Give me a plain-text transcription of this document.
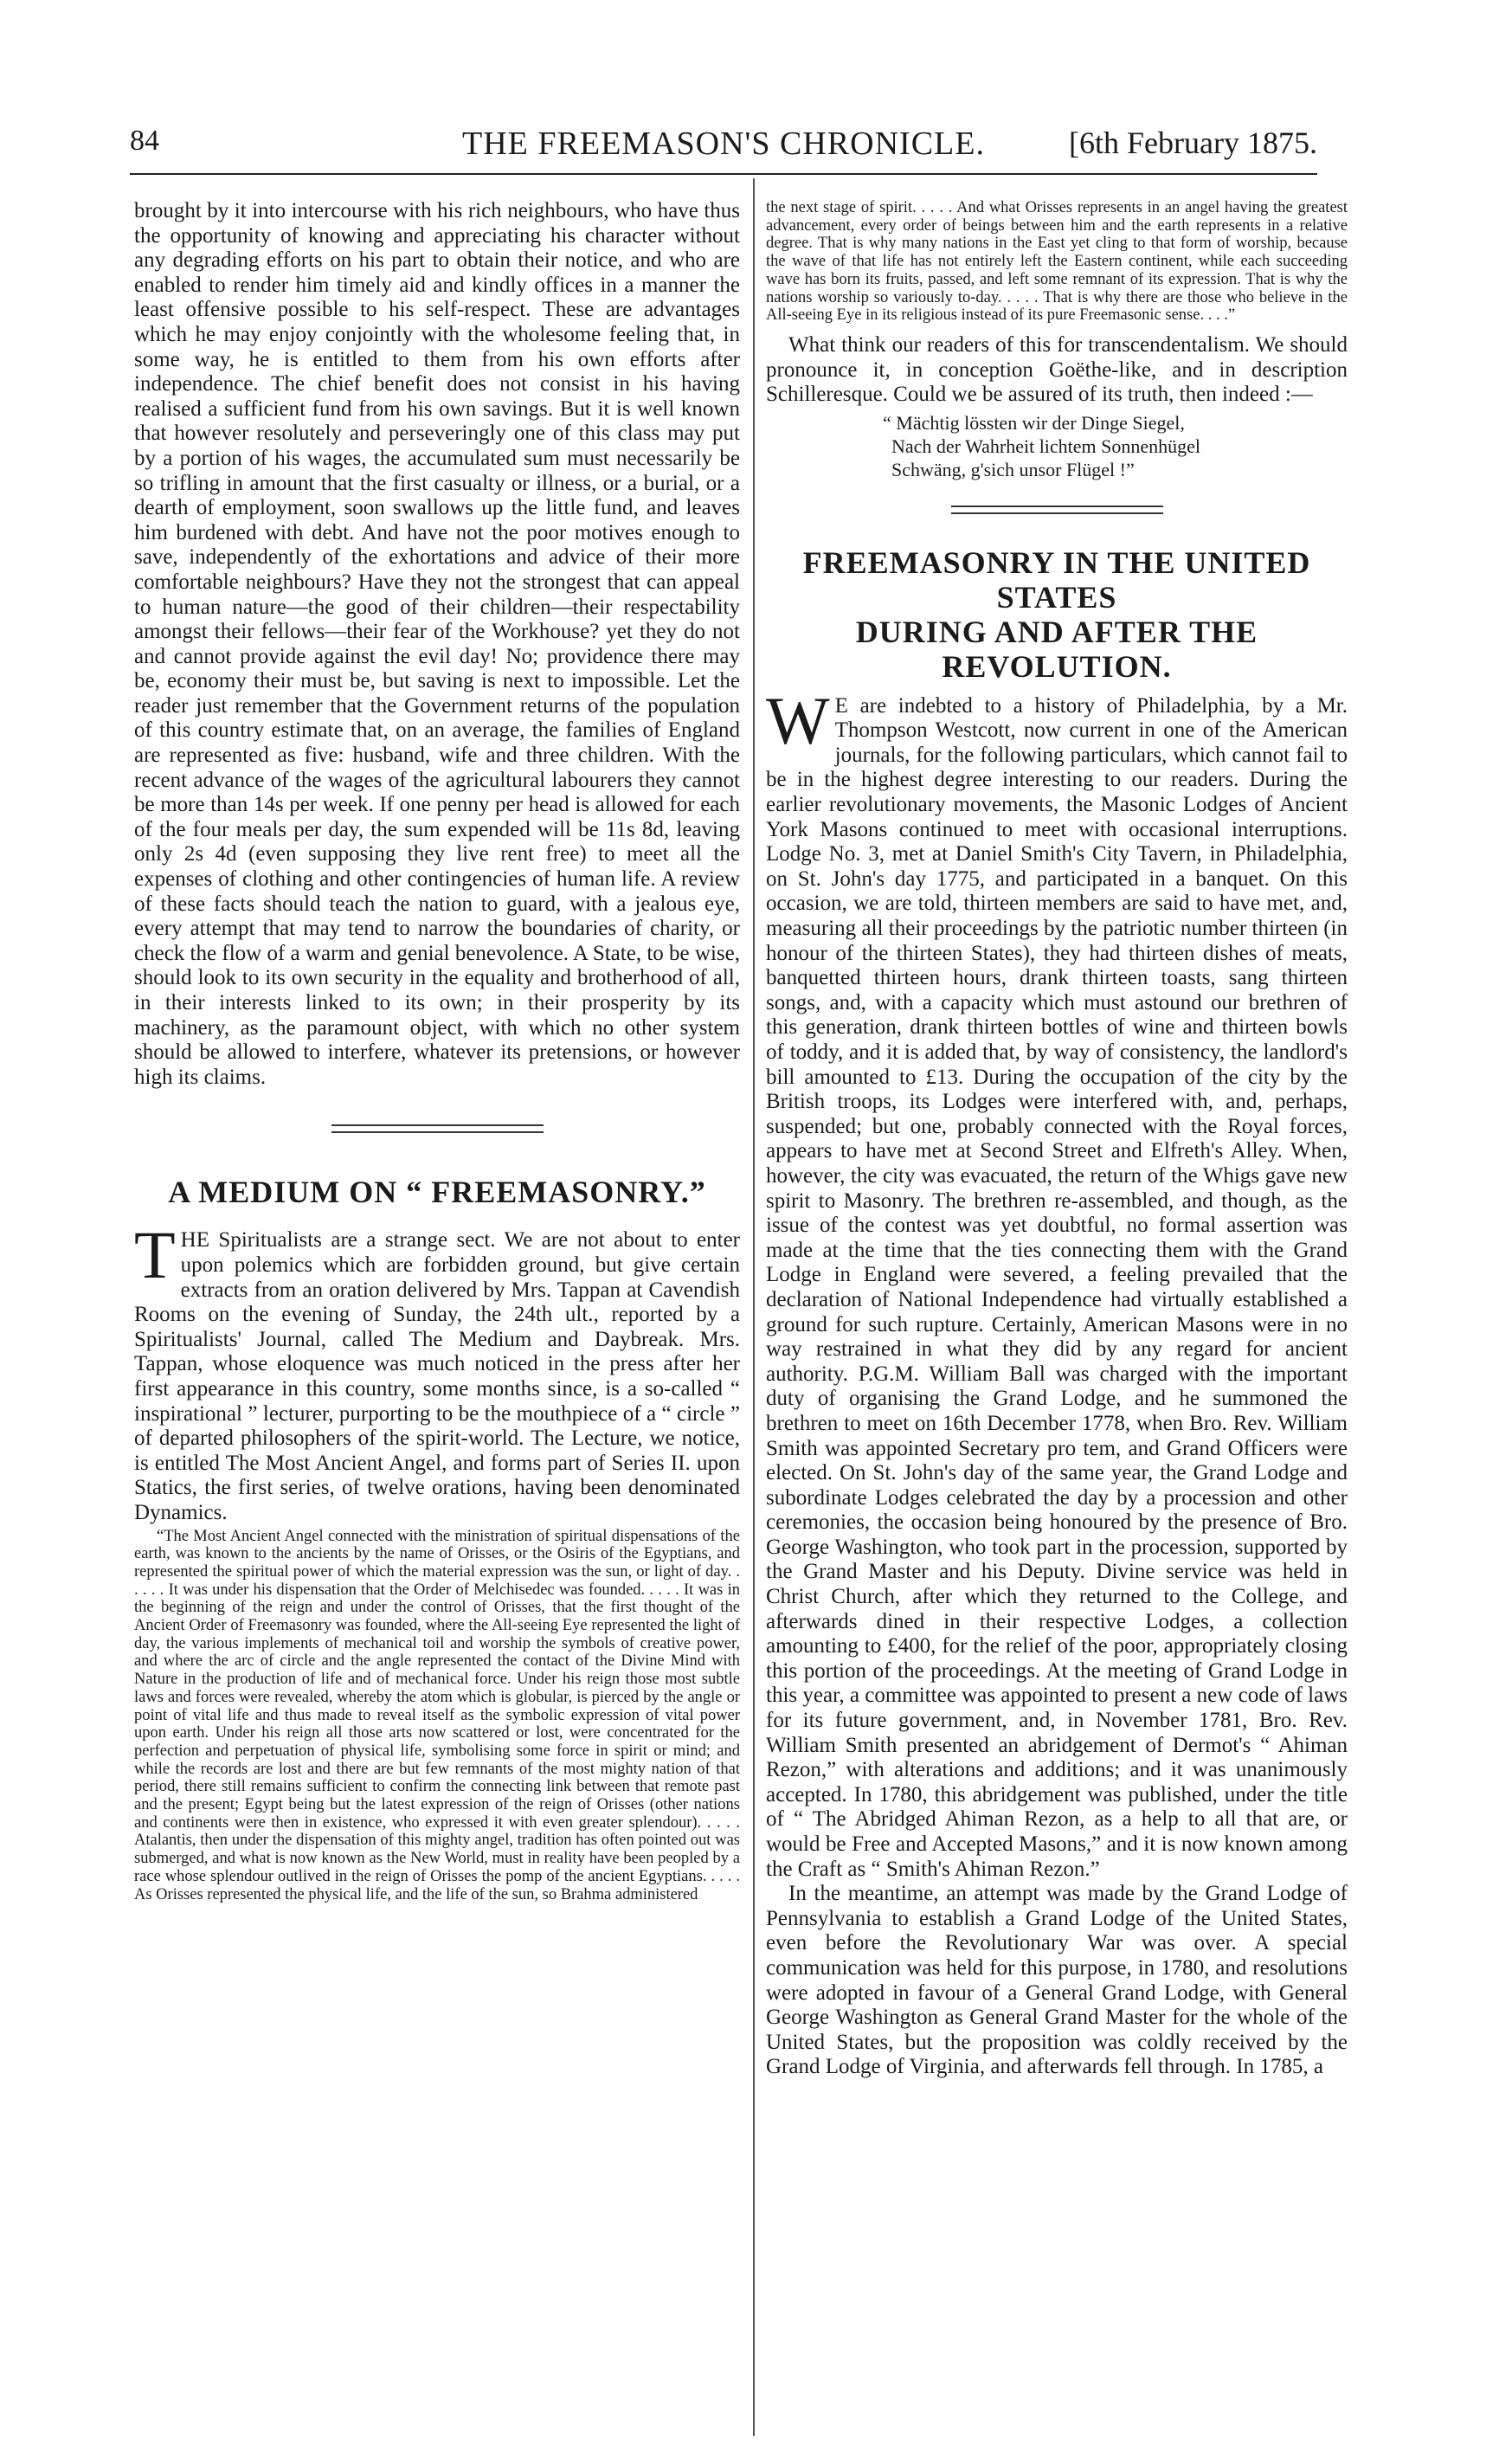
84	THE FREEMASON'S CHRONICLE.	[6th February 1875.

brought by it into intercourse with his rich neighbours, who have thus the opportunity of knowing and appreciating his character without any degrading efforts on his part to obtain their notice, and who are enabled to render him timely aid and kindly offices in a manner the least offensive possible to his self-respect. These are advantages which he may enjoy conjointly with the wholesome feeling that, in some way, he is entitled to them from his own efforts after independence. The chief benefit does not consist in his having realised a sufficient fund from his own savings. But it is well known that however resolutely and perseveringly one of this class may put by a portion of his wages, the accumulated sum must necessarily be so trifling in amount that the first casualty or illness, or a burial, or a dearth of employment, soon swallows up the little fund, and leaves him burdened with debt. And have not the poor motives enough to save, independently of the exhortations and advice of their more comfortable neighbours? Have they not the strongest that can appeal to human nature—the good of their children—their respectability amongst their fellows—their fear of the Workhouse? yet they do not and cannot provide against the evil day! No; providence there may be, economy their must be, but saving is next to impossible. Let the reader just remember that the Government returns of the population of this country estimate that, on an average, the families of England are represented as five: husband, wife and three children. With the recent advance of the wages of the agricultural labourers they cannot be more than 14s per week. If one penny per head is allowed for each of the four meals per day, the sum expended will be 11s 8d, leaving only 2s 4d (even supposing they live rent free) to meet all the expenses of clothing and other contingencies of human life. A review of these facts should teach the nation to guard, with a jealous eye, every attempt that may tend to narrow the boundaries of charity, or check the flow of a warm and genial benevolence. A State, to be wise, should look to its own security in the equality and brotherhood of all, in their interests linked to its own; in their prosperity by its machinery, as the paramount object, with which no other system should be allowed to interfere, whatever its pretensions, or however high its claims.

A MEDIUM ON “ FREEMASONRY.”
T HE Spiritualists are a strange sect. We are not about to enter upon polemics which are forbidden ground, but give certain extracts from an oration delivered by Mrs. Tappan at Cavendish Rooms on the evening of Sunday, the 24th ult., reported by a Spiritualists' Journal, called The Medium and Daybreak. Mrs. Tappan, whose eloquence was much noticed in the press after her first appearance in this country, some months since, is a so-called “ inspirational ” lecturer, purporting to be the mouthpiece of a “ circle ” of departed philosophers of the spirit-world. The Lecture, we notice, is entitled The Most Ancient Angel, and forms part of Series II. upon Statics, the first series, of twelve orations, having been denominated Dynamics.

“The Most Ancient Angel connected with the ministration of spiritual dispensations of the earth, was known to the ancients by the name of Orisses, or the Osiris of the Egyptians, and represented the spiritual power of which the material expression was the sun, or light of day. . . . . . It was under his dispensation that the Order of Melchisedec was founded. . . . . It was in the beginning of the reign and under the control of Orisses, that the first thought of the Ancient Order of Freemasonry was founded, where the All-seeing Eye represented the light of day, the various implements of mechanical toil and worship the symbols of creative power, and where the arc of circle and the angle represented the contact of the Divine Mind with Nature in the production of life and of mechanical force. Under his reign those most subtle laws and forces were revealed, whereby the atom which is globular, is pierced by the angle or point of vital life and thus made to reveal itself as the symbolic expression of vital power upon earth. Under his reign all those arts now scattered or lost, were concentrated for the perfection and perpetuation of physical life, symbolising some force in spirit or mind; and while the records are lost and there are but few remnants of the most mighty nation of that period, there still remains sufficient to confirm the connecting link between that remote past and the present; Egypt being but the latest expression of the reign of Orisses (other nations and continents were then in existence, who expressed it with even greater splendour). . . . . Atalantis, then under the dispensation of this mighty angel, tradition has often pointed out was submerged, and what is now known as the New World, must in reality have been peopled by a race whose splendour outlived in the reign of Orisses the pomp of the ancient Egyptians. . . . . As Orisses represented the physical life, and the life of the sun, so Brahma administered

the next stage of spirit. . . . . And what Orisses represents in an angel having the greatest advancement, every order of beings between him and the earth represents in a relative degree. That is why many nations in the East yet cling to that form of worship, because the wave of that life has not entirely left the Eastern continent, while each succeeding wave has born its fruits, passed, and left some remnant of its expression. That is why the nations worship so variously to-day. . . . . That is why there are those who believe in the All-seeing Eye in its religious instead of its pure Freemasonic sense. . . .”

What think our readers of this for transcendentalism. We should pronounce it, in conception Goëthe-like, and in description Schilleresque. Could we be assured of its truth, then indeed :—

“ Mächtig lössten wir der Dinge Siegel,
Nach der Wahrheit lichtem Sonnenhügel
Schwäng, g'sich unsor Flügel !”
FREEMASONRY IN THE UNITED STATES
DURING AND AFTER THE REVOLUTION.
W E are indebted to a history of Philadelphia, by a Mr. Thompson Westcott, now current in one of the American journals, for the following particulars, which cannot fail to be in the highest degree interesting to our readers. During the earlier revolutionary movements, the Masonic Lodges of Ancient York Masons continued to meet with occasional interruptions. Lodge No. 3, met at Daniel Smith's City Tavern, in Philadelphia, on St. John's day 1775, and participated in a banquet. On this occasion, we are told, thirteen members are said to have met, and, measuring all their proceedings by the patriotic number thirteen (in honour of the thirteen States), they had thirteen dishes of meats, banquetted thirteen hours, drank thirteen toasts, sang thirteen songs, and, with a capacity which must astound our brethren of this generation, drank thirteen bottles of wine and thirteen bowls of toddy, and it is added that, by way of consistency, the landlord's bill amounted to £13. During the occupation of the city by the British troops, its Lodges were interfered with, and, perhaps, suspended; but one, probably connected with the Royal forces, appears to have met at Second Street and Elfreth's Alley. When, however, the city was evacuated, the return of the Whigs gave new spirit to Masonry. The brethren re-assembled, and though, as the issue of the contest was yet doubtful, no formal assertion was made at the time that the ties connecting them with the Grand Lodge in England were severed, a feeling prevailed that the declaration of National Independence had virtually established a ground for such rupture. Certainly, American Masons were in no way restrained in what they did by any regard for ancient authority. P.G.M. William Ball was charged with the important duty of organising the Grand Lodge, and he summoned the brethren to meet on 16th December 1778, when Bro. Rev. William Smith was appointed Secretary pro tem, and Grand Officers were elected. On St. John's day of the same year, the Grand Lodge and subordinate Lodges celebrated the day by a procession and other ceremonies, the occasion being honoured by the presence of Bro. George Washington, who took part in the procession, supported by the Grand Master and his Deputy. Divine service was held in Christ Church, after which they returned to the College, and afterwards dined in their respective Lodges, a collection amounting to £400, for the relief of the poor, appropriately closing this portion of the proceedings. At the meeting of Grand Lodge in this year, a committee was appointed to present a new code of laws for its future government, and, in November 1781, Bro. Rev. William Smith presented an abridgement of Dermot's “ Ahiman Rezon,” with alterations and additions; and it was unanimously accepted. In 1780, this abridgement was published, under the title of “ The Abridged Ahiman Rezon, as a help to all that are, or would be Free and Accepted Masons,” and it is now known among the Craft as “ Smith's Ahiman Rezon.”

In the meantime, an attempt was made by the Grand Lodge of Pennsylvania to establish a Grand Lodge of the United States, even before the Revolutionary War was over. A special communication was held for this purpose, in 1780, and resolutions were adopted in favour of a General Grand Lodge, with General George Washington as General Grand Master for the whole of the United States, but the proposition was coldly received by the Grand Lodge of Virginia, and afterwards fell through. In 1785, a
